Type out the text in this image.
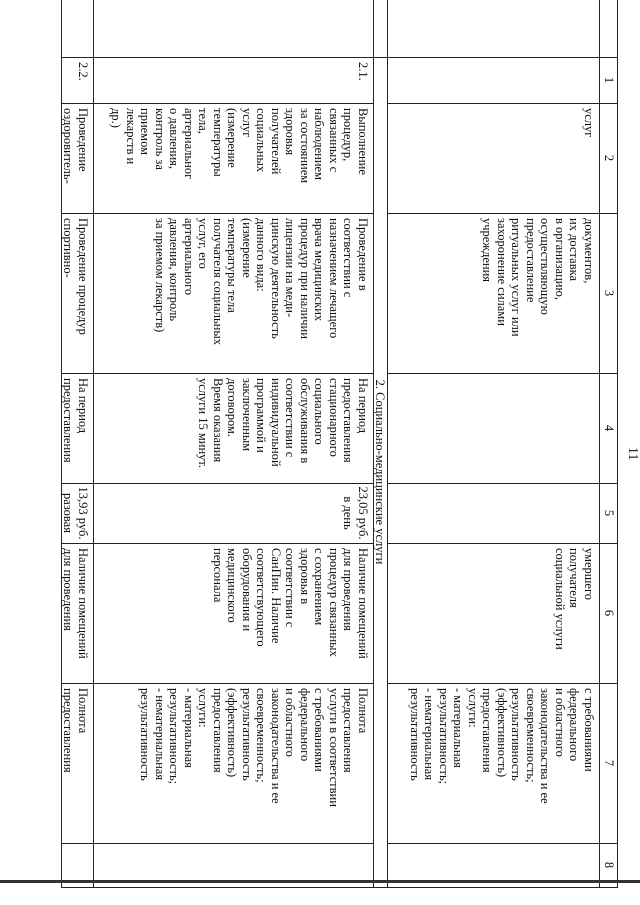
11
1
2
3
4
5
6
7
8
услуг
документов,
их доставка
в организацию,
осуществляющую
предоставление
ритуальных услуг или
захоронение силами
учреждения
умершего
получателя
социальной услуги
с требованиями
федерального
и областного
законодательства и ее
своевременность;
результативность
(эффективность)
предоставления
услуги:
- материальная
результативность;
- нематериальная
результативность
2. Социально-медицинские услуги
2.1.
Выполнение
процедур,
связанных с
наблюдением
за состоянием
здоровья
получателей
социальных
услуг
(измерение
температуры
тела,
артериальног
о давления,
контроль за
приемом
лекарств и
др.)
Проведение в
соответствии с
назначением лечащего
врача медицинских
процедур при наличии
лицензии на меди-
цинскую деятельность
данного вида:
(измерение
температуры тела
получателя социальных
услуг, его
артериального
давления, контроль
за приемом лекарств)
На период
предоставления
стационарного
социального
обслуживания в
соответствии с
индивидуальной
программой и
заключенным
договором.
Время оказания
услуги 15 минут.
23,05 руб.
в день
Наличие помещений
для проведения
процедур связанных
с сохранением
здоровья в
соответствии с
СанПин. Наличие
соответствующего
оборудования и
медицинского
персонала
Полнота
предоставления
услуги в соответствии
с требованиями
федерального
и областного
законодательства и ее
своевременность;
результативность
(эффективность)
предоставления
услуги:
- материальная
результативность;
- нематериальная
результативность
2.2.
Проведение
оздоровитель-
Проведение процедур
спортивно-
На период
предоставления
13,93 руб.
разовая
Наличие помещений
для проведения
Полнота
предоставления
